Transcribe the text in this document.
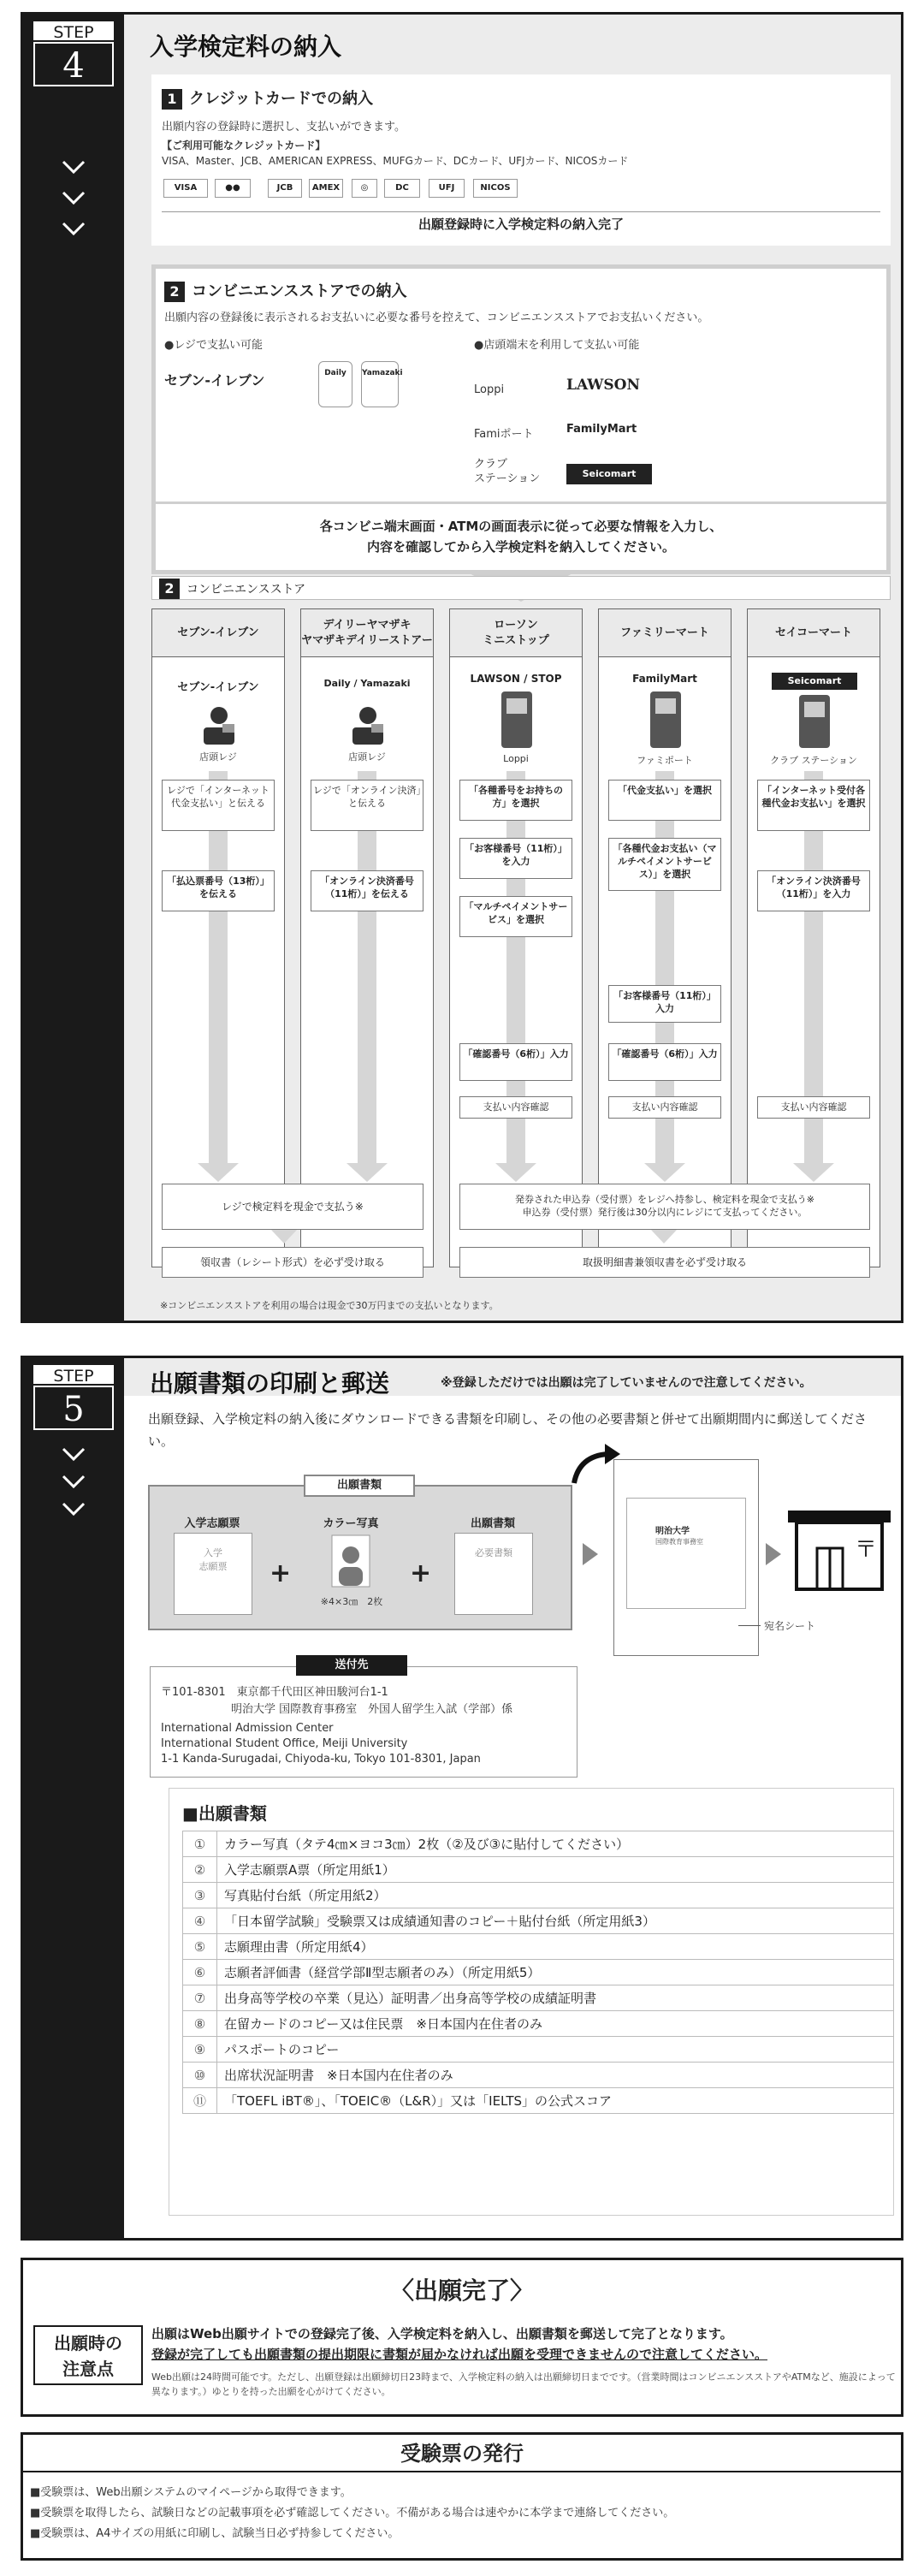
STEP
4	入学検定料の納入
1 クレジットカードでの納入
出願内容の登録時に選択し、支払いができます。
【ご利用可能なクレジットカード】
VISA、Master、JCB、AMERICAN EXPRESS、MUFGカード、DCカード、UFJカード、NICOSカード
VISA	●●	JCB	AMEX	◎	DC	UFJ	NICOS
出願登録時に入学検定料の納入完了
2 コンビニエンスストアでの納入
出願内容の登録後に表示されるお支払いに必要な番号を控えて、コンビニエンスストアでお支払いください。
●レジで支払い可能	●店頭端末を利用して支払い可能
セブン-イレブン	Daily	Yamazaki
Loppi	LAWSON
Famiポート	FamilyMart
クラブ
ステーション	Seicomart
各コンビニ端末画面・ATMの画面表示に従って必要な情報を入力し、
内容を確認してから入学検定料を納入してください。
2 コンビニエンスストア
セブン-イレブン
セブン-イレブン
店頭レジ
デイリーヤマザキ
ヤマザキデイリーストアー
Daily / Yamazaki
店頭レジ
ローソン
ミニストップ
LAWSON / STOP
Loppi
ファミリーマート
FamilyMart
ファミポート
セイコーマート
Seicomart
クラブ ステーション
レジで「インターネット代金支払い」と伝える
「払込票番号（13桁）」を伝える
レジで「オンライン決済」と伝える
「オンライン決済番号（11桁）」を伝える
「各種番号をお持ちの方」を選択
「お客様番号（11桁）」を入力
「マルチペイメントサービス」を選択
「確認番号（6桁）」入力
支払い内容確認
「代金支払い」を選択
「各種代金お支払い（マルチペイメントサービス）」を選択
「お客様番号（11桁）」入力
「確認番号（6桁）」入力
支払い内容確認
「インターネット受付各種代金お支払い」を選択
「オンライン決済番号（11桁）」を入力
支払い内容確認
レジで検定料を現金で支払う※
発券された申込券（受付票）をレジへ持参し、検定料を現金で支払う※
申込券（受付票）発行後は30分以内にレジにて支払ってください。
領収書（レシート形式）を必ず受け取る	取扱明細書兼領収書を必ず受け取る
※コンビニエンスストアを利用の場合は現金で30万円までの支払いとなります。
STEP
5
出願書類の印刷と郵送	※登録しただけでは出願は完了していませんので注意してください。
出願登録、入学検定料の納入後にダウンロードできる書類を印刷し、その他の必要書類と併せて出願期間内に郵送してください。
出願書類
入学志願票
入学
志願票	+
カラー写真
※4×3㎝　2枚
+
出願書類
必要書類
明治大学
国際教育事務室
宛名シート
〒
送付先
〒101-8301　東京都千代田区神田駿河台1-1
明治大学 国際教育事務室　外国人留学生入試（学部）係
International Admission Center
International Student Office, Meiji University
1-1 Kanda-Surugadai, Chiyoda-ku, Tokyo 101-8301, Japan
■出願書類
①	カラー写真（タテ4㎝×ヨコ3㎝）2枚（②及び③に貼付してください）
②	入学志願票A票（所定用紙1）
③	写真貼付台紙（所定用紙2）
④	「日本留学試験」受験票又は成績通知書のコピー＋貼付台紙（所定用紙3）
⑤	志願理由書（所定用紙4）
⑥	志願者評価書（経営学部Ⅱ型志願者のみ）（所定用紙5）
⑦	出身高等学校の卒業（見込）証明書／出身高等学校の成績証明書
⑧	在留カードのコピー又は住民票　※日本国内在住者のみ
⑨	パスポートのコピー
⑩	出席状況証明書　※日本国内在住者のみ
⑪	「TOEFL iBT®」、「TOEIC®（L&R）」又は「IELTS」の公式スコア
〈出願完了〉
出願時の
注意点
出願はWeb出願サイトでの登録完了後、入学検定料を納入し、出願書類を郵送して完了となります。
登録が完了しても出願書類の提出期限に書類が届かなければ出願を受理できませんので注意してください。
Web出願は24時間可能です。ただし、出願登録は出願締切日23時まで、入学検定料の納入は出願締切日までです。（営業時間はコンビニエンスストアやATMなど、施設によって異なります。）ゆとりを持った出願を心がけてください。
受験票の発行
■受験票は、Web出願システムのマイページから取得できます。
■受験票を取得したら、試験日などの記載事項を必ず確認してください。不備がある場合は速やかに本学まで連絡してください。
■受験票は、A4サイズの用紙に印刷し、試験当日必ず持参してください。
